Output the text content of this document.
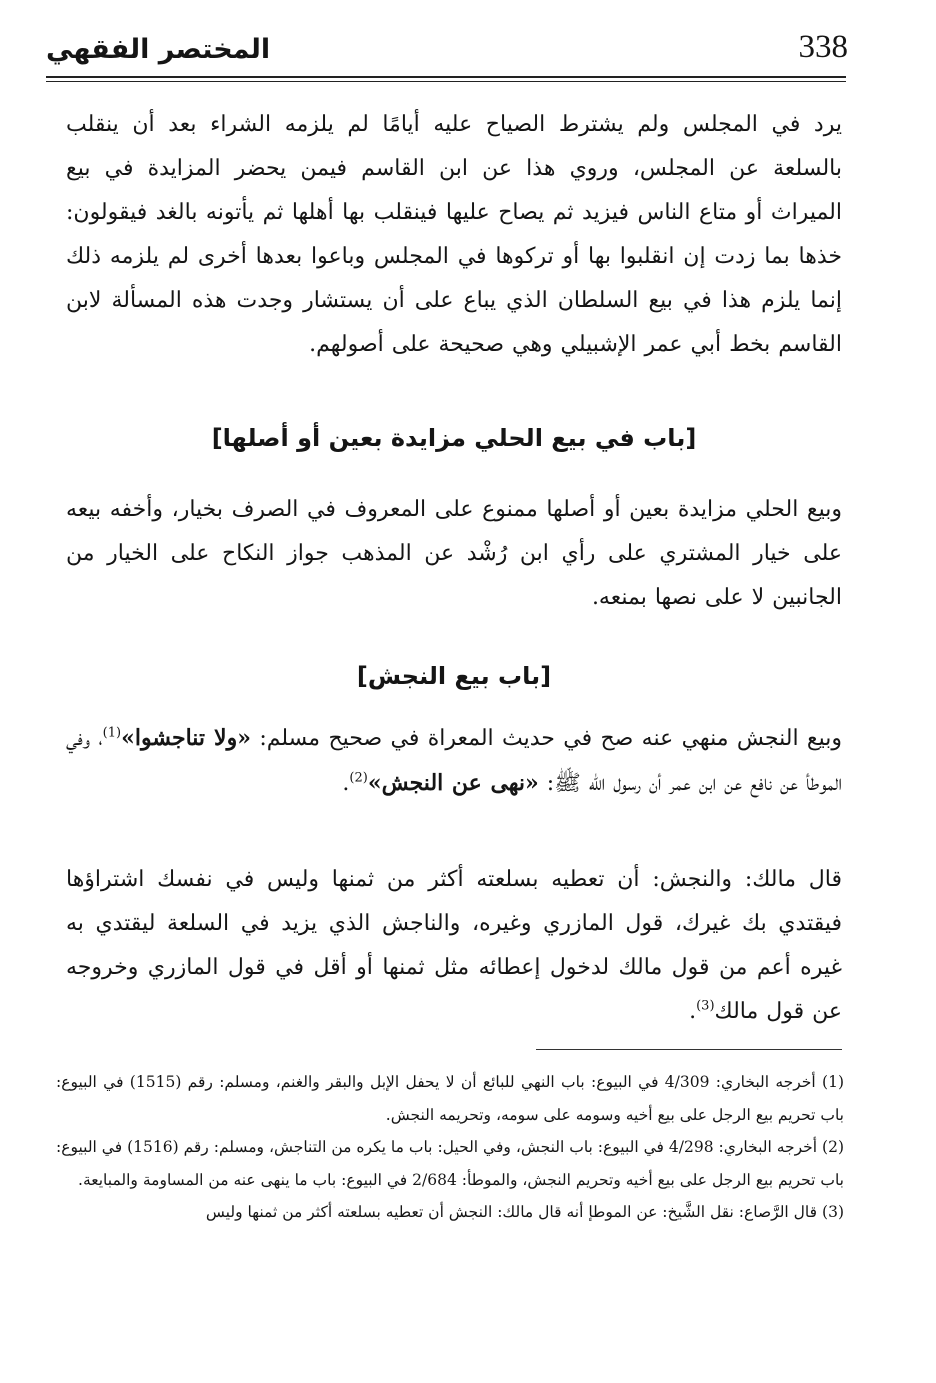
المختصر الفقهي	338

يرد في المجلس ولم يشترط الصياح عليه أيامًا لم يلزمه الشراء بعد أن ينقلب بالسلعة عن المجلس، وروي هذا عن ابن القاسم فيمن يحضر المزايدة في بيع الميراث أو متاع الناس فيزيد ثم يصاح عليها فينقلب بها أهلها ثم يأتونه بالغد فيقولون: خذها بما زدت إن انقلبوا بها أو تركوها في المجلس وباعوا بعدها أخرى لم يلزمه ذلك إنما يلزم هذا في بيع السلطان الذي يباع على أن يستشار وجدت هذه المسألة لابن القاسم بخط أبي عمر الإشبيلي وهي صحيحة على أصولهم.

[باب في بيع الحلي مزايدة بعين أو أصلها]

وبيع الحلي مزايدة بعين أو أصلها ممنوع على المعروف في الصرف بخيار، وأخفه بيعه على خيار المشتري على رأي ابن رُشْد عن المذهب جواز النكاح على الخيار من الجانبين لا على نصها بمنعه.

[باب بيع النجش]

وبيع النجش منهي عنه صح في حديث المعراة في صحيح مسلم: «ولا تناجشوا»$^{(1)}$، وفي الموطأ عن نافع عن ابن عمر أن رسول الله ﷺ: «نهى عن النجش»$^{(2)}$.

قال مالك: والنجش: أن تعطيه بسلعته أكثر من ثمنها وليس في نفسك اشتراؤها فيقتدي بك غيرك، قول المازري وغيره، والناجش الذي يزيد في السلعة ليقتدي به غيره أعم من قول مالك لدخول إعطائه مثل ثمنها أو أقل في قول المازري وخروجه عن قول مالك$^{(3)}$.

(1) أخرجه البخاري: 4/309 في البيوع: باب النهي للبائع أن لا يحفل الإبل والبقر والغنم، ومسلم: رقم (1515) في البيوع: باب تحريم بيع الرجل على بيع أخيه وسومه على سومه، وتحريمه النجش.

(2) أخرجه البخاري: 4/298 في البيوع: باب النجش، وفي الحيل: باب ما يكره من التناجش، ومسلم: رقم (1516) في البيوع: باب تحريم بيع الرجل على بيع أخيه وتحريم النجش، والموطأ: 2/684 في البيوع: باب ما ينهى عنه من المساومة والمبايعة.

(3) قال الرَّصاع: نقل الشَّيخ: عن الموطإ أنه قال مالك: النجش أن تعطيه بسلعته أكثر من ثمنها وليس
